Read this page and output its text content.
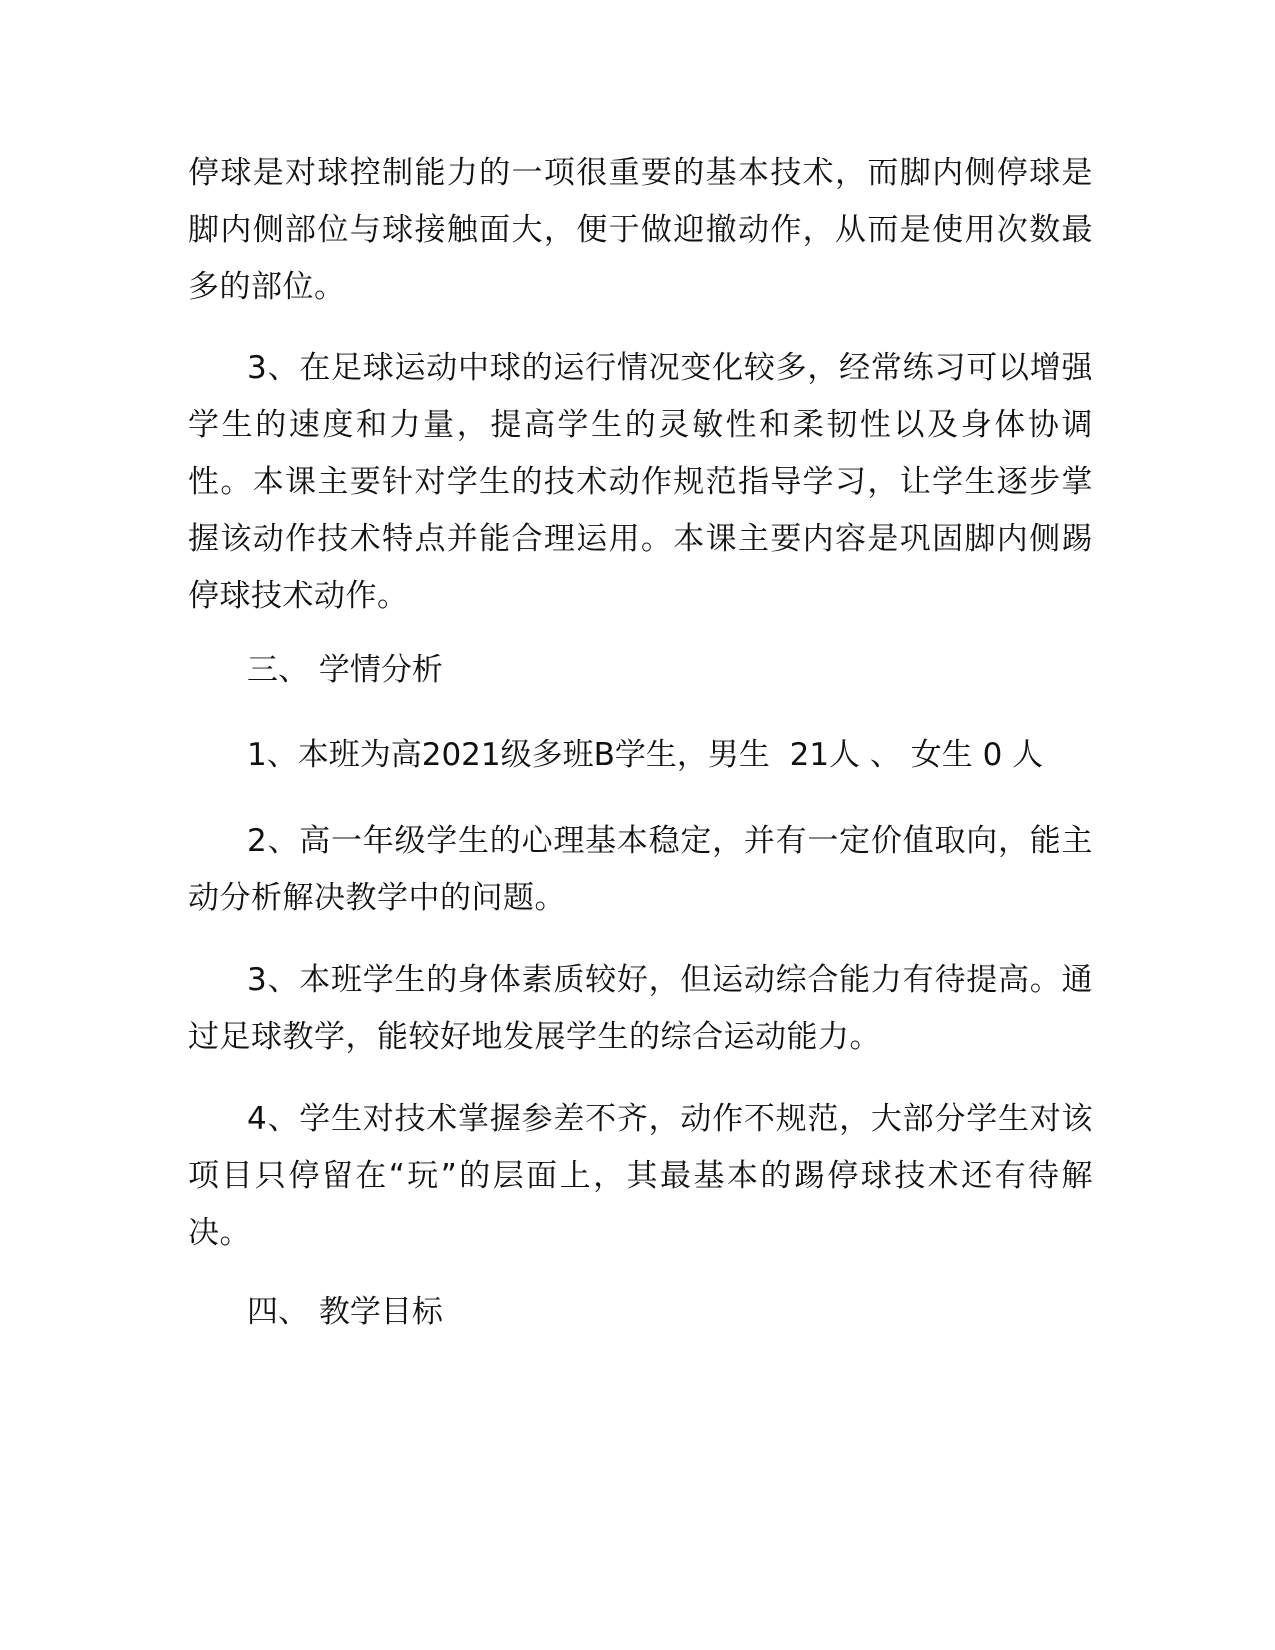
停球是对球控制能力的一项很重要的基本技术，而脚内侧停球是脚内侧部位与球接触面大，便于做迎撤动作，从而是使用次数最多的部位。

3、在足球运动中球的运行情况变化较多，经常练习可以增强学生的速度和力量，提高学生的灵敏性和柔韧性以及身体协调性。本课主要针对学生的技术动作规范指导学习，让学生逐步掌握该动作技术特点并能合理运用。本课主要内容是巩固脚内侧踢停球技术动作。

三、 学情分析

1、本班为高2021级多班B学生，男生  21人 、 女生 0 人

2、高一年级学生的心理基本稳定，并有一定价值取向，能主动分析解决教学中的问题。

3、本班学生的身体素质较好，但运动综合能力有待提高。通过足球教学，能较好地发展学生的综合运动能力。

4、学生对技术掌握参差不齐，动作不规范，大部分学生对该项目只停留在“玩”的层面上，其最基本的踢停球技术还有待解决。

四、 教学目标
